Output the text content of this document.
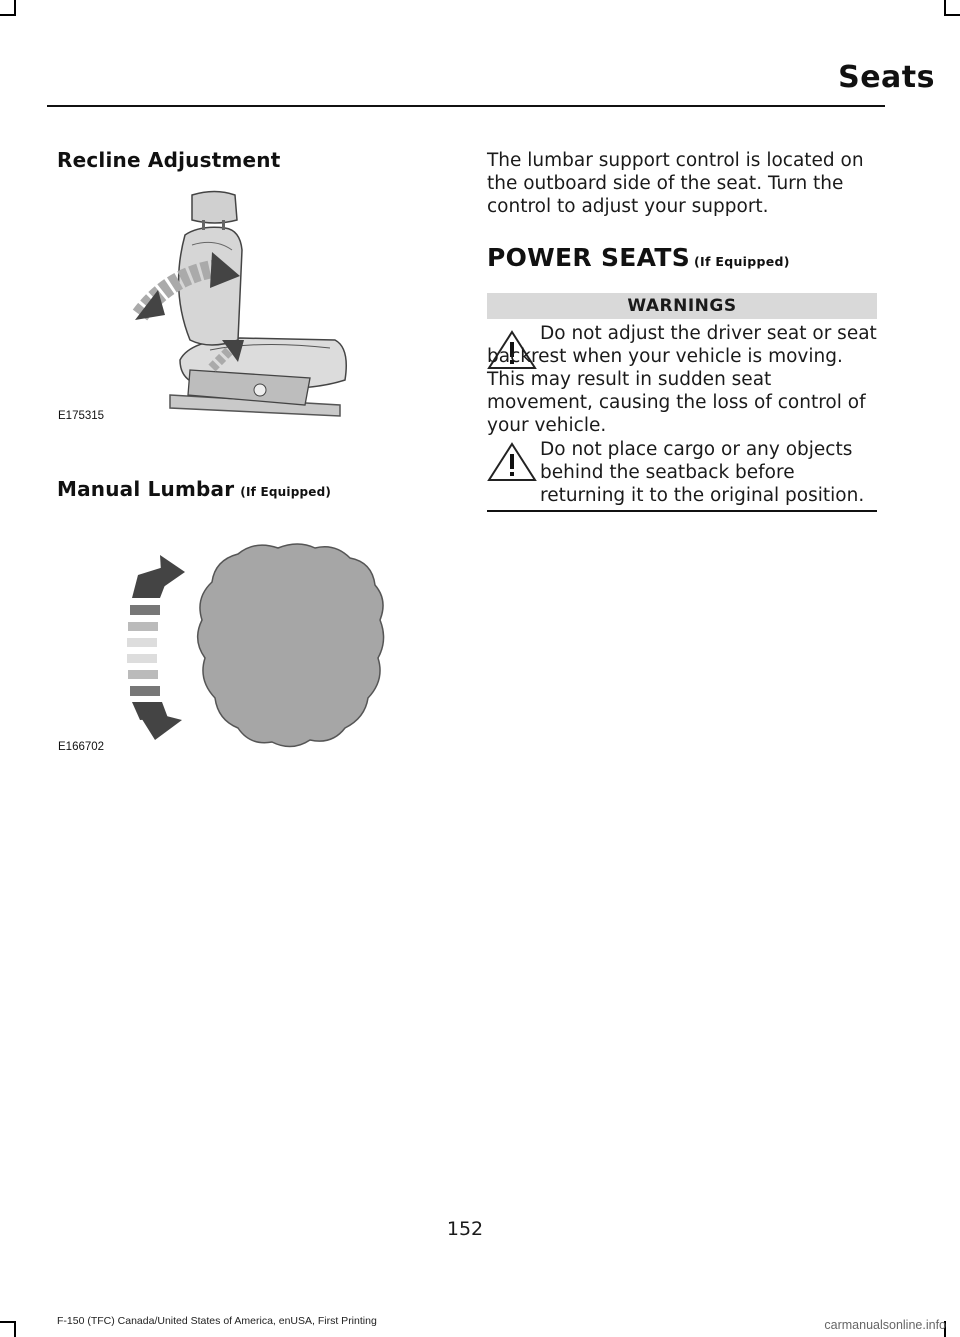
Seats
Recline Adjustment
E175315
Manual Lumbar (If Equipped)
E166702
The lumbar support control is located on the outboard side of the seat. Turn the control to adjust your support.
POWER SEATS (If Equipped)
WARNINGS
Do not adjust the driver seat or seat backrest when your vehicle is moving. This may result in sudden seat movement, causing the loss of control of your vehicle.
Do not place cargo or any objects behind the seatback before returning it to the original position.
152
F-150 (TFC) Canada/United States of America, enUSA, First Printing	carmanualsonline.info
